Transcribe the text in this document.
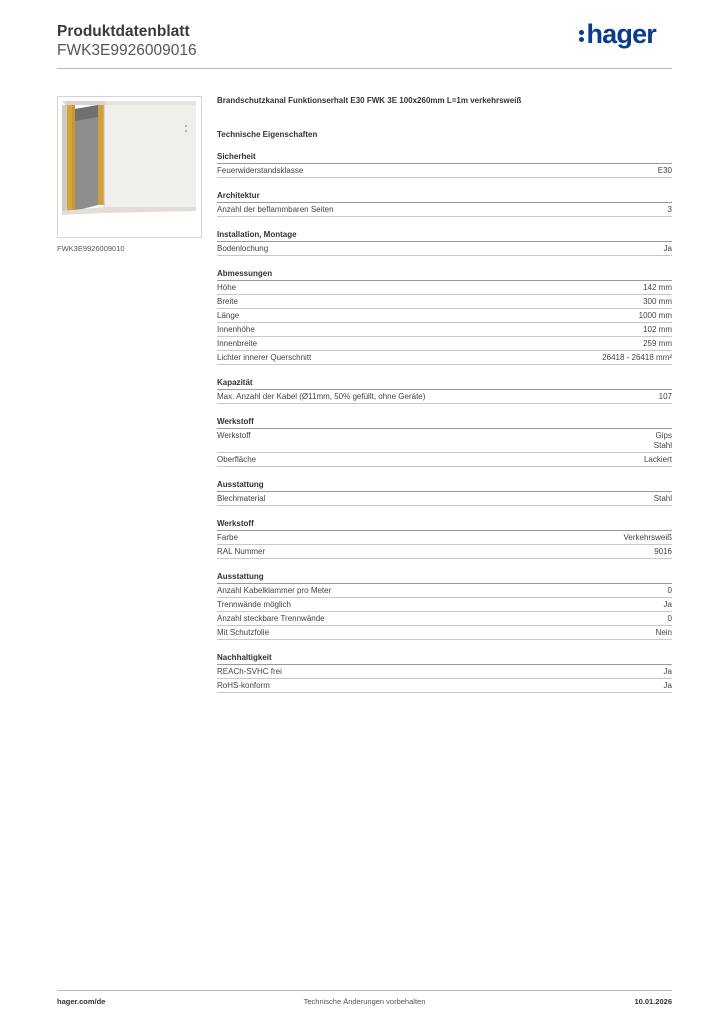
Produktdatenblatt
FWK3E9926009016
hager
FWK3E9926009010
Brandschutzkanal Funktionserhalt E30 FWK 3E 100x260mm L=1m verkehrsweiß
Technische Eigenschaften
Sicherheit
Feuerwiderstandsklasse	E30
Architektur
Anzahl der beflammbaren Seiten	3
Installation, Montage
Bodenlochung	Ja
Abmessungen
Höhe	142 mm
Breite	300 mm
Länge	1000 mm
Innenhöhe	102 mm
Innenbreite	259 mm
Lichter innerer Querschnitt	26418 - 26418 mm²
Kapazität
Max. Anzahl der Kabel (Ø11mm, 50% gefüllt, ohne Geräte)	107
Werkstoff
Werkstoff	Gips
Stahl
Oberfläche	Lackiert
Ausstattung
Blechmaterial	Stahl
Werkstoff
Farbe	Verkehrsweiß
RAL Nummer	9016
Ausstattung
Anzahl Kabelklammer pro Meter	0
Trennwände möglich	Ja
Anzahl steckbare Trennwände	0
Mit Schutzfolie	Nein
Nachhaltigkeit
REACh-SVHC frei	Ja
RoHS-konform	Ja
hager.com/de	Technische Änderungen vorbehalten	10.01.2026
